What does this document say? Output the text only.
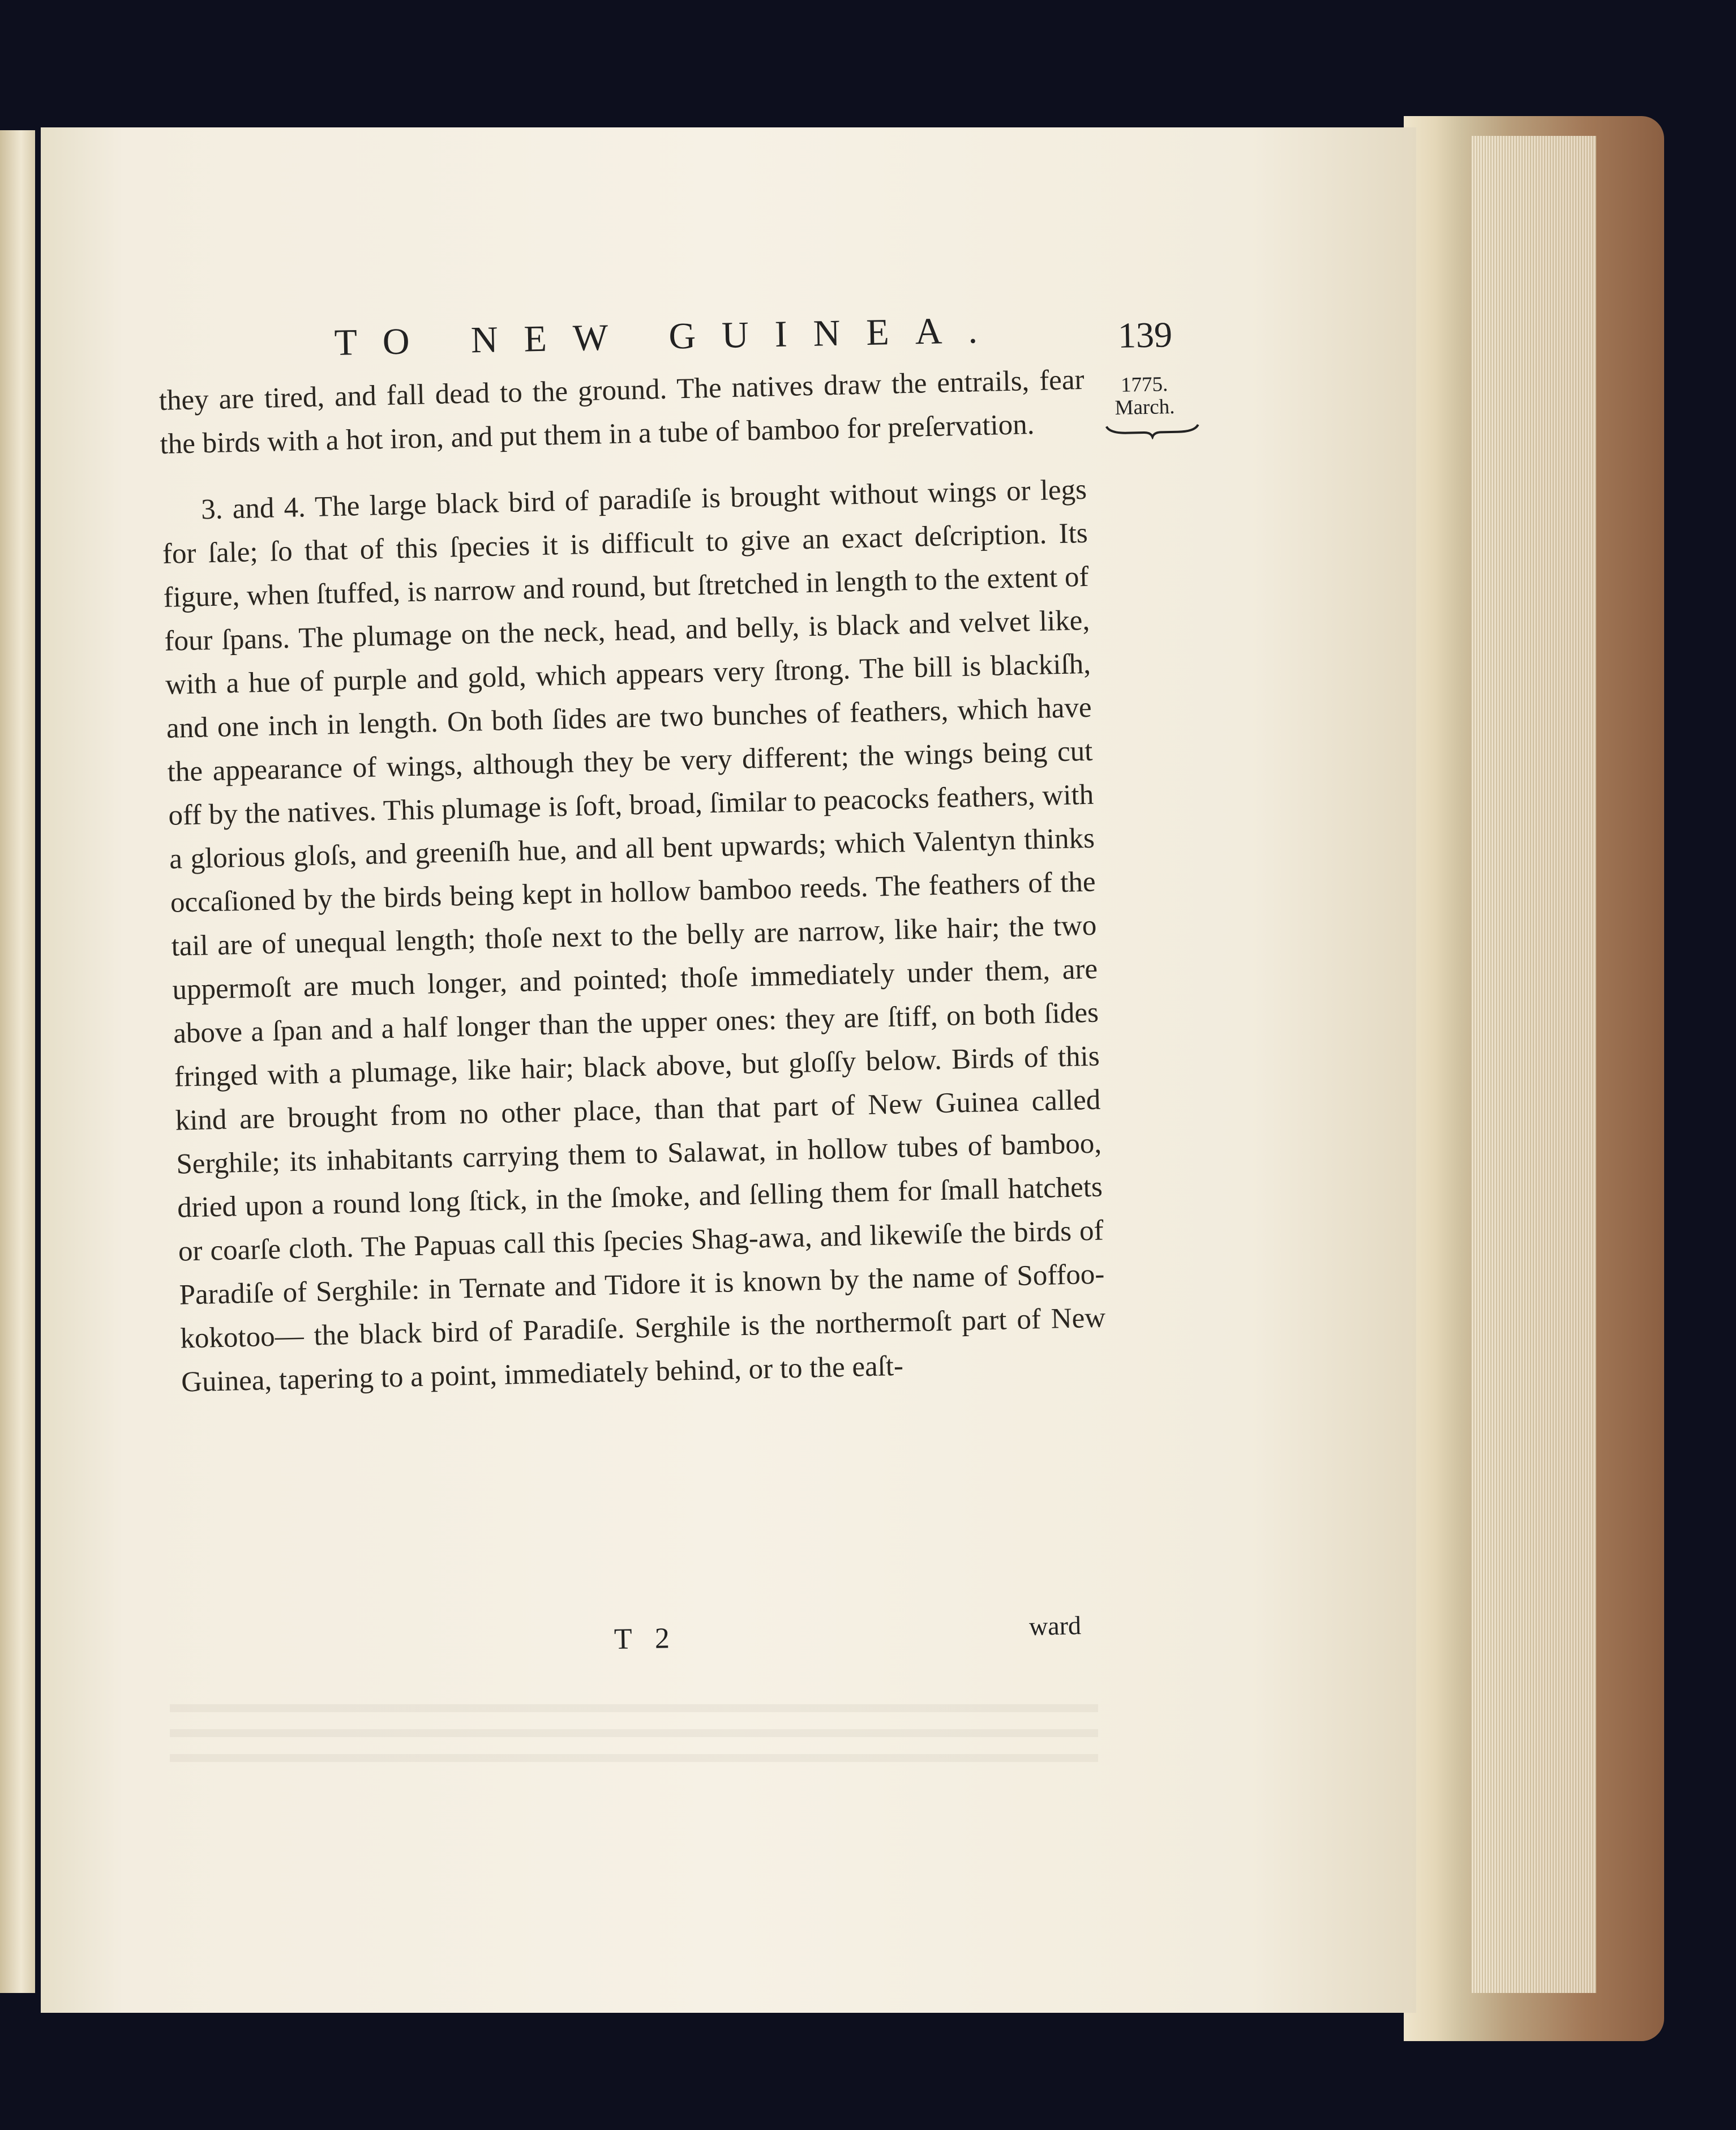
TO NEW GUINEA.	139
1775.
March.

they are tired, and fall dead to the ground. The natives draw the entrails, fear the birds with a hot iron, and put them in a tube of bamboo for preſervation.

3. and 4. The large black bird of paradiſe is brought without wings or legs for ſale; ſo that of this ſpecies it is difficult to give an exact deſcription. Its figure, when ſtuffed, is narrow and round, but ſtretched in length to the extent of four ſpans. The plumage on the neck, head, and belly, is black and velvet like, with a hue of purple and gold, which appears very ſtrong. The bill is blackiſh, and one inch in length. On both ſides are two bunches of feathers, which have the appearance of wings, although they be very different; the wings being cut off by the natives. This plumage is ſoft, broad, ſimilar to peacocks feathers, with a glorious gloſs, and greeniſh hue, and all bent upwards; which Valentyn thinks occaſioned by the birds being kept in hollow bamboo reeds. The feathers of the tail are of unequal length; thoſe next to the belly are narrow, like hair; the two uppermoſt are much longer, and pointed; thoſe immediately under them, are above a ſpan and a half longer than the upper ones: they are ſtiff, on both ſides fringed with a plumage, like hair; black above, but gloſſy below. Birds of this kind are brought from no other place, than that part of New Guinea called Serghile; its inhabitants carrying them to Salawat, in hollow tubes of bamboo, dried upon a round long ſtick, in the ſmoke, and ſelling them for ſmall hatchets or coarſe cloth. The Papuas call this ſpecies Shag-awa, and likewiſe the birds of Paradiſe of Serghile: in Ternate and Tidore it is known by the name of Soffoo-kokotoo— the black bird of Paradiſe. Serghile is the northermoſt part of New Guinea, tapering to a point, immediately behind, or to the eaſt-

T 2	ward
